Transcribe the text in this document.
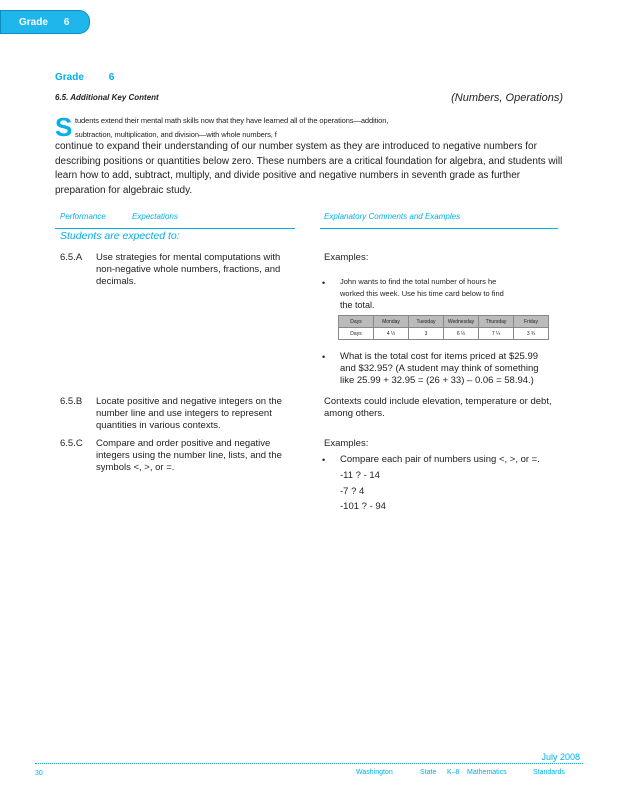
Grade 6
Grade 6
6.5. Additional Key Content	(Numbers, Operations)
S tudents extend their mental math skills now that they have learned all of the operations—addition,
subtraction, multiplication, and division—with whole numbers, f
continue to expand their understanding of our number system as they are introduced to negative numbers for describing positions or quantities below zero. These numbers are a critical foundation for algebra, and students will learn how to add, subtract, multiply, and divide positive and negative numbers in seventh grade as further preparation for algebraic study.
Performance	Expectations	Explanatory Comments and Examples
Students are expected to:
6.5.A Use strategies for mental computations with non-negative whole numbers, fractions, and decimals.
Examples:
• John wants to find the total number of hours he
worked this week. Use his time card below to find
the total.
Days	Monday	Tuesday	Wednesday	Thursday	Friday
Days	4 ½	3	6 ½	7 ¼	3 ¾
• What is the total cost for items priced at $25.99
and $32.95? (A student may think of something
like 25.99 + 32.95 = (26 + 33) – 0.06 = 58.94.)
6.5.B Locate positive and negative integers on the number line and use integers to represent quantities in various contexts.
Contexts could include elevation, temperature or debt, among others.
6.5.C Compare and order positive and negative integers using the number line, lists, and the symbols <, >, or =.
Examples:
• Compare each pair of numbers using <, >, or =.
-11 ? - 14
-7 ? 4
-101 ? - 94
July 2008
30	Washington	State K–8 Mathematics	Standards
